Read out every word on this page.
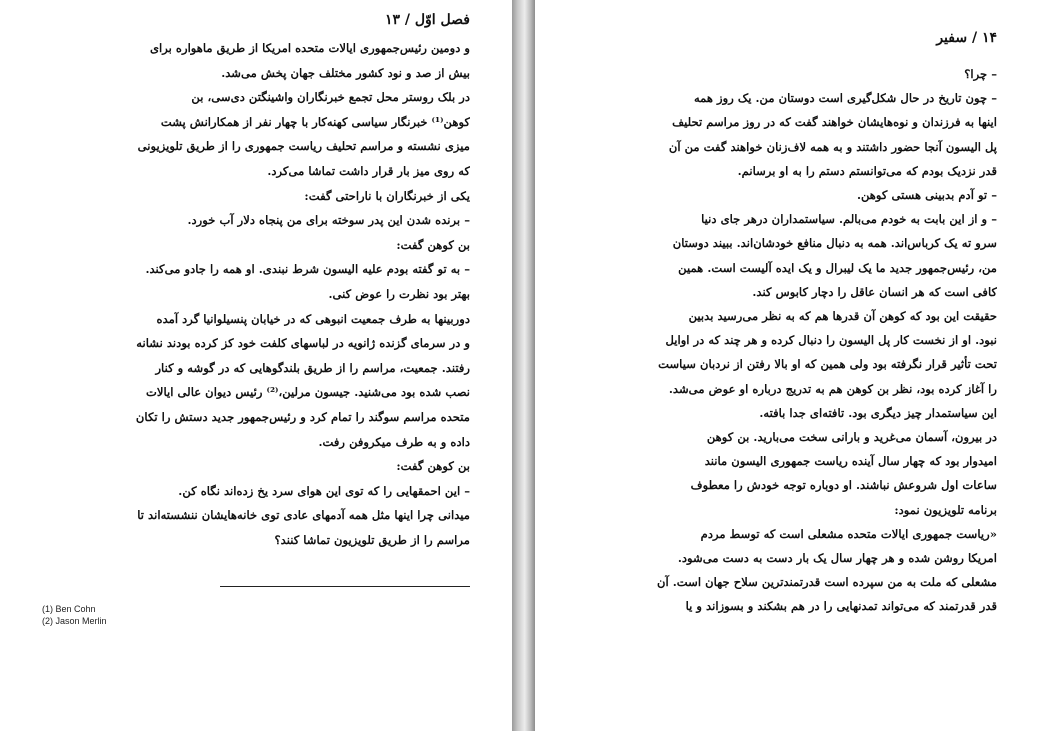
فصل اوّل / ۱۳
و دومین رئیس‌جمهوری ایالات متحده امریکا از طریق ماهواره برای
بیش از صد و نود کشور مختلف جهان پخش می‌شد.
در بلک روستر محل تجمع خبرنگاران واشینگتن دی‌سی، بن
کوهن⁽¹⁾ خبرنگار سیاسی کهنه‌کار با چهار نفر از همکارانش پشت
میزی نشسته و مراسم تحلیف ریاست جمهوری را از طریق تلویزیونی
که روی میز بار قرار داشت تماشا می‌کرد.
یکی از خبرنگاران با ناراحتی گفت:
– برنده شدن این پدر سوخته برای من پنجاه دلار آب خورد.
بن کوهن گفت:
– به تو گفته بودم علیه الیسون شرط نبندی. او همه را جادو می‌کند.
بهتر بود نظرت را عوض کنی.
دوربینها به طرف جمعیت انبوهی که در خیابان پنسیلوانیا گرد آمده
و در سرمای گزنده ژانویه در لباسهای کلفت خود کز کرده بودند نشانه
رفتند. جمعیت، مراسم را از طریق بلندگوهایی که در گوشه و کنار
نصب شده بود می‌شنید. جیسون مرلین،⁽²⁾ رئیس دیوان عالی ایالات
متحده مراسم سوگند را تمام کرد و رئیس‌جمهور جدید دستش را تکان
داده و به طرف میکروفن رفت.
بن کوهن گفت:
– این احمقهایی را که توی این هوای سرد یخ زده‌اند نگاه کن.
میدانی چرا اینها مثل همه آدمهای عادی توی خانه‌هایشان ننشسته‌اند تا
مراسم را از طریق تلویزیون تماشا کنند؟
(1) Ben Cohn
(2) Jason Merlin
۱۴ / سفیر
– چرا؟
– چون تاریخ در حال شکل‌گیری است دوستان من. یک روز همه
اینها به فرزندان و نوه‌هایشان خواهند گفت که در روز مراسم تحلیف
پل الیسون آنجا حضور داشتند و به همه لاف‌زنان خواهند گفت من آن
قدر نزدیک بودم که می‌توانستم دستم را به او برسانم.
– تو آدم بدبینی هستی کوهن.
– و از این بابت به خودم می‌بالم. سیاستمداران درهر جای دنیا
سرو ته یک کرباس‌اند. همه به دنبال منافع خودشان‌اند. ببیند دوستان
من، رئیس‌جمهور جدید ما یک لیبرال و یک ایده آلیست است. همین
کافی است که هر انسان عاقل را دچار کابوس کند.
حقیقت این بود که کوهن آن قدرها هم که به نظر می‌رسید بدبین
نبود. او از نخست کار پل الیسون را دنبال کرده و هر چند که در اوایل
تحت تأثیر قرار نگرفته بود ولی همین که او بالا رفتن از نردبان سیاست
را آغاز کرده بود، نظر بن کوهن هم به تدریج درباره او عوض می‌شد.
این سیاستمدار چیز دیگری بود. تافته‌ای جدا بافته.
در بیرون، آسمان می‌غرید و بارانی سخت می‌بارید. بن کوهن
امیدوار بود که چهار سال آینده ریاست جمهوری الیسون مانند
ساعات اول شروعش نباشند. او دوباره توجه خودش را معطوف
برنامه تلویزیون نمود:
«ریاست جمهوری ایالات متحده مشعلی است که توسط مردم
امریکا روشن شده و هر چهار سال یک بار دست به دست می‌شود.
مشعلی که ملت به من سپرده است قدرتمندترین سلاح جهان است. آن
قدر قدرتمند که می‌تواند تمدنهایی را در هم بشکند و بسوزاند و یا
